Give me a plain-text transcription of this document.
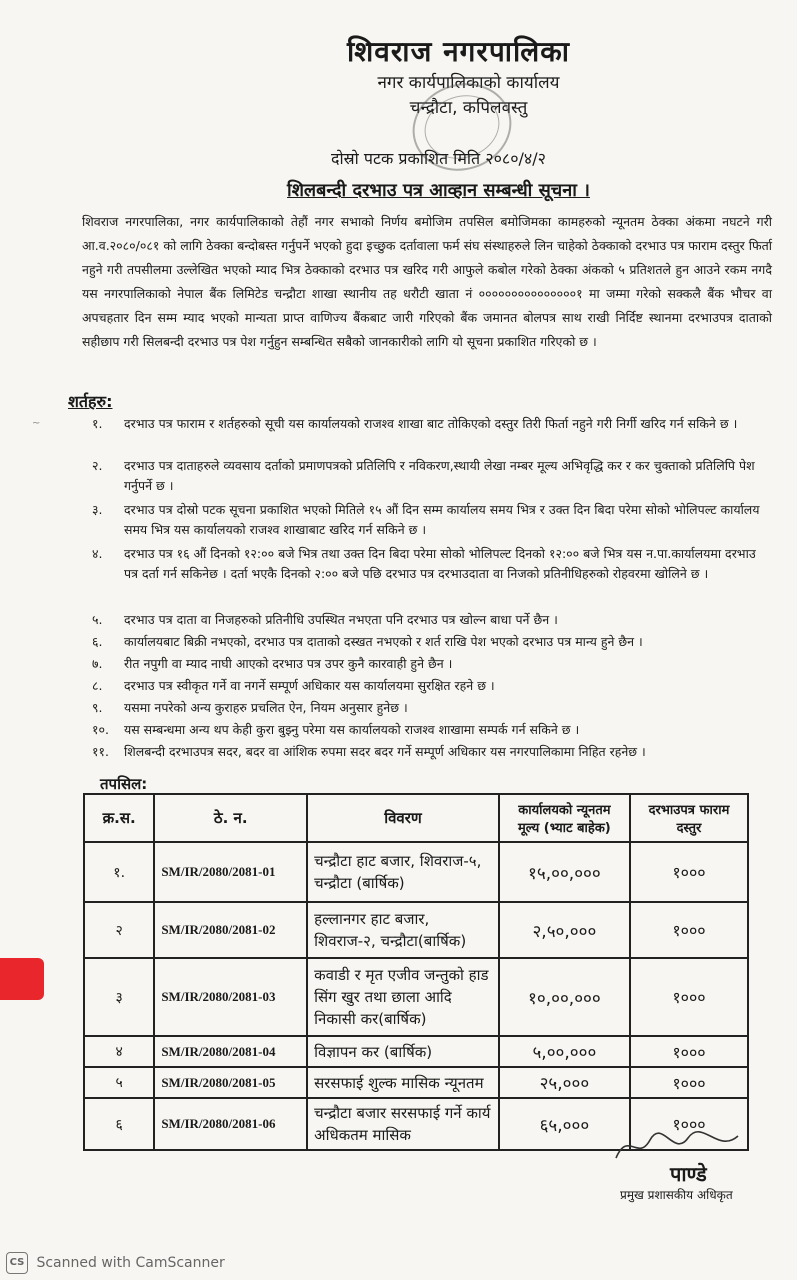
शिवराज नगरपालिका
नगर कार्यपालिकाको कार्यालय
चन्द्रौटा, कपिलवस्तु
दोस्रो पटक प्रकाशित मिति २०८०/४/२
शिलबन्दी दरभाउ पत्र आव्हान सम्बन्धी सूचना ।
शिवराज नगरपालिका, नगर कार्यपालिकाको तेहौं नगर सभाको निर्णय बमोजिम तपसिल बमोजिमका कामहरुको न्यूनतम ठेक्का अंकमा नघटने गरी आ.व.२०८०/०८१ को लागि ठेक्का बन्दोबस्त गर्नुपर्ने भएको हुदा इच्छुक दर्तावाला फर्म संघ संस्थाहरुले लिन चाहेको ठेक्काको दरभाउ पत्र फाराम दस्तुर फिर्ता नहुने गरी तपसीलमा उल्लेखित भएको म्याद भित्र ठेक्काको दरभाउ पत्र खरिद गरी आफुले कबोल गरेको ठेक्का अंकको ५ प्रतिशतले हुन आउने रकम नगदै यस नगरपालिकाको नेपाल बैंक लिमिटेड चन्द्रौटा शाखा स्थानीय तह धरौटी खाता नं ०००००००००००००००१ मा जम्मा गरेको सक्कलै बैंक भौचर वा अपचहतार दिन सम्म म्याद भएको मान्यता प्राप्त वाणिज्य बैंकबाट जारी गरिएको बैंक जमानत बोलपत्र साथ राखी निर्दिष्ट स्थानमा दरभाउपत्र दाताको सहीछाप गरी सिलबन्दी दरभाउ पत्र पेश गर्नुहुन सम्बन्धित सबैको जानकारीको लागि यो सूचना प्रकाशित गरिएको छ ।
~
शर्तहरु:
१.	दरभाउ पत्र फाराम र शर्तहरुको सूची यस कार्यालयको राजश्व शाखा बाट तोकिएको दस्तुर तिरी फिर्ता नहुने गरी निर्गी खरिद गर्न सकिने छ ।
२.	दरभाउ पत्र दाताहरुले व्यवसाय दर्ताको प्रमाणपत्रको प्रतिलिपि र नविकरण,स्थायी लेखा नम्बर मूल्य अभिवृद्धि कर र कर चुक्ताको प्रतिलिपि पेश गर्नुपर्ने छ ।
३.	दरभाउ पत्र दोस्रो पटक सूचना प्रकाशित भएको मितिले १५ औं दिन सम्म कार्यालय समय भित्र र उक्त दिन बिदा परेमा सोको भोलिपल्ट कार्यालय समय भित्र यस कार्यालयको राजश्व शाखाबाट खरिद गर्न सकिने छ ।
४.	दरभाउ पत्र १६ औं दिनको १२:०० बजे भित्र तथा उक्त दिन बिदा परेमा सोको भोलिपल्ट दिनको १२:०० बजे भित्र यस न.पा.कार्यालयमा दरभाउ पत्र दर्ता गर्न सकिनेछ । दर्ता भएकै दिनको २:०० बजे पछि दरभाउ पत्र दरभाउदाता वा निजको प्रतिनीधिहरुको रोहवरमा खोलिने छ ।
५.	दरभाउ पत्र दाता वा निजहरुको प्रतिनीधि उपस्थित नभएता पनि दरभाउ पत्र खोल्न बाधा पर्ने छैन ।
६.	कार्यालयबाट बिक्री नभएको, दरभाउ पत्र दाताको दस्खत नभएको र शर्त राखि पेश भएको दरभाउ पत्र मान्य हुने छैन ।
७.	रीत नपुगी वा म्याद नाघी आएको दरभाउ पत्र उपर कुनै कारवाही हुने छैन ।
८.	दरभाउ पत्र स्वीकृत गर्ने वा नगर्ने सम्पूर्ण अधिकार यस कार्यालयमा सुरक्षित रहने छ ।
९.	यसमा नपरेको अन्य कुराहरु प्रचलित ऐन, नियम अनुसार हुनेछ ।
१०.	यस सम्बन्धमा अन्य थप केही कुरा बुझ्नु परेमा यस कार्यालयको राजश्व शाखामा सम्पर्क गर्न सकिने छ ।
११.	शिलबन्दी दरभाउपत्र सदर, बदर वा आंशिक रुपमा सदर बदर गर्ने सम्पूर्ण अधिकार यस नगरपालिकामा निहित रहनेछ ।
तपसिल:
क्र.स.	ठे. न.	विवरण	कार्यालयको न्यूनतम मूल्य (भ्याट बाहेक)	दरभाउपत्र फाराम दस्तुर
१.	SM/IR/2080/2081-01	चन्द्रौटा हाट बजार, शिवराज-५, चन्द्रौटा (बार्षिक)	१५,००,०००	१०००
२	SM/IR/2080/2081-02	हल्लानगर हाट बजार, शिवराज-२, चन्द्रौटा(बार्षिक)	२,५०,०००	१०००
३	SM/IR/2080/2081-03	कवाडी र मृत एजीव जन्तुको हाड सिंग खुर तथा छाला आदि निकासी कर(बार्षिक)	१०,००,०००	१०००
४	SM/IR/2080/2081-04	विज्ञापन कर (बार्षिक)	५,००,०००	१०००
५	SM/IR/2080/2081-05	सरसफाई शुल्क मासिक न्यूनतम	२५,०००	१०००
६	SM/IR/2080/2081-06	चन्द्रौटा बजार सरसफाई गर्ने कार्य अधिकतम मासिक	६५,०००	१०००
पाण्डे
प्रमुख प्रशासकीय अधिकृत
CS Scanned with CamScanner
